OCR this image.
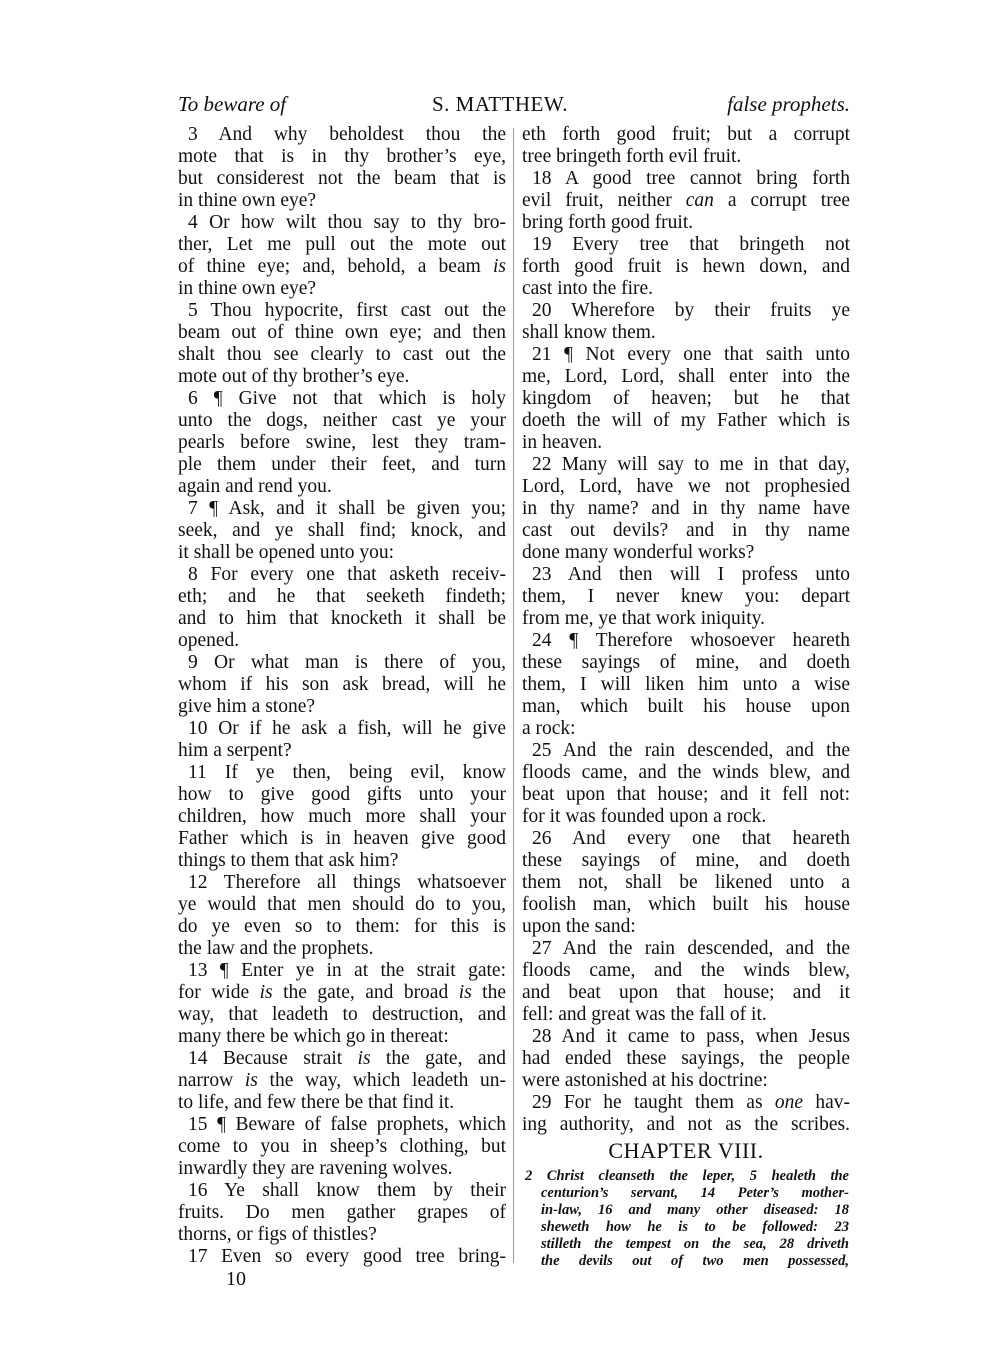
To beware of	S. MATTHEW.	false prophets.
3 And why beholdest thou the
mote that is in thy brother’s eye,
but considerest not the beam that is
in thine own eye?
4 Or how wilt thou say to thy bro-
ther, Let me pull out the mote out
of thine eye; and, behold, a beam is
in thine own eye?
5 Thou hypocrite, first cast out the
beam out of thine own eye; and then
shalt thou see clearly to cast out the
mote out of thy brother’s eye.
6 ¶ Give not that which is holy
unto the dogs, neither cast ye your
pearls before swine, lest they tram-
ple them under their feet, and turn
again and rend you.
7 ¶ Ask, and it shall be given you;
seek, and ye shall find; knock, and
it shall be opened unto you:
8 For every one that asketh receiv-
eth; and he that seeketh findeth;
and to him that knocketh it shall be
opened.
9 Or what man is there of you,
whom if his son ask bread, will he
give him a stone?
10 Or if he ask a fish, will he give
him a serpent?
11 If ye then, being evil, know
how to give good gifts unto your
children, how much more shall your
Father which is in heaven give good
things to them that ask him?
12 Therefore all things whatsoever
ye would that men should do to you,
do ye even so to them: for this is
the law and the prophets.
13 ¶ Enter ye in at the strait gate:
for wide is the gate, and broad is the
way, that leadeth to destruction, and
many there be which go in thereat:
14 Because strait is the gate, and
narrow is the way, which leadeth un-
to life, and few there be that find it.
15 ¶ Beware of false prophets, which
come to you in sheep’s clothing, but
inwardly they are ravening wolves.
16 Ye shall know them by their
fruits. Do men gather grapes of
thorns, or figs of thistles?
17 Even so every good tree bring-
eth forth good fruit; but a corrupt
tree bringeth forth evil fruit.
18 A good tree cannot bring forth
evil fruit, neither can a corrupt tree
bring forth good fruit.
19 Every tree that bringeth not
forth good fruit is hewn down, and
cast into the fire.
20 Wherefore by their fruits ye
shall know them.
21 ¶ Not every one that saith unto
me, Lord, Lord, shall enter into the
kingdom of heaven; but he that
doeth the will of my Father which is
in heaven.
22 Many will say to me in that day,
Lord, Lord, have we not prophesied
in thy name? and in thy name have
cast out devils? and in thy name
done many wonderful works?
23 And then will I profess unto
them, I never knew you: depart
from me, ye that work iniquity.
24 ¶ Therefore whosoever heareth
these sayings of mine, and doeth
them, I will liken him unto a wise
man, which built his house upon
a rock:
25 And the rain descended, and the
floods came, and the winds blew, and
beat upon that house; and it fell not:
for it was founded upon a rock.
26 And every one that heareth
these sayings of mine, and doeth
them not, shall be likened unto a
foolish man, which built his house
upon the sand:
27 And the rain descended, and the
floods came, and the winds blew,
and beat upon that house; and it
fell: and great was the fall of it.
28 And it came to pass, when Jesus
had ended these sayings, the people
were astonished at his doctrine:
29 For he taught them as one hav-
ing authority, and not as the scribes.
CHAPTER VIII.
2 Christ cleanseth the leper, 5 healeth the
centurion’s servant, 14 Peter’s mother-
in-law, 16 and many other diseased: 18
sheweth how he is to be followed: 23
stilleth the tempest on the sea, 28 driveth
the devils out of two men possessed,
10
